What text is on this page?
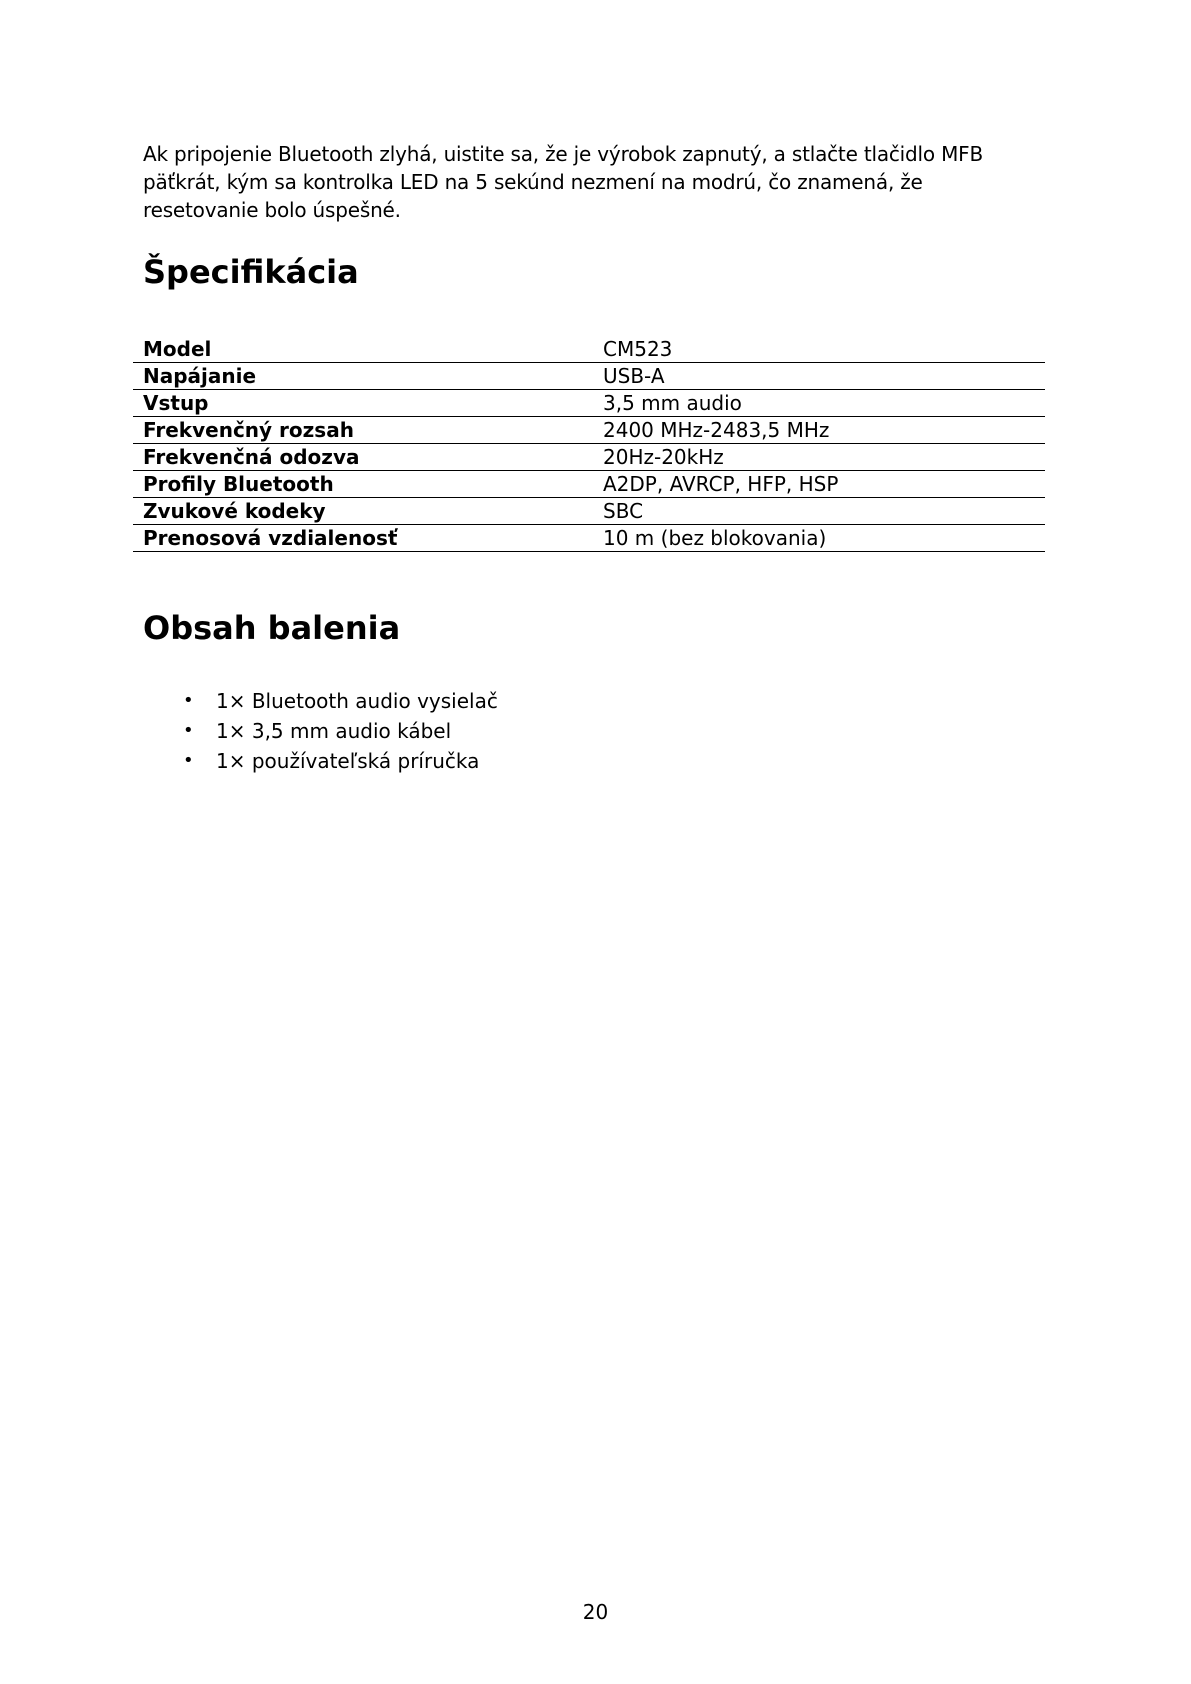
Ak pripojenie Bluetooth zlyhá, uistite sa, že je výrobok zapnutý, a stlačte tlačidlo MFB
päťkrát, kým sa kontrolka LED na 5 sekúnd nezmení na modrú, čo znamená, že
resetovanie bolo úspešné.

Špecifikácia
Model	CM523
Napájanie	USB-A
Vstup	3,5 mm audio
Frekvenčný rozsah	2400 MHz-2483,5 MHz
Frekvenčná odozva	20Hz-20kHz
Profily Bluetooth	A2DP, AVRCP, HFP, HSP
Zvukové kodeky	SBC
Prenosová vzdialenosť	10 m (bez blokovania)
Obsah balenia
• 1× Bluetooth audio vysielač
• 1× 3,5 mm audio kábel
• 1× používateľská príručka
20
